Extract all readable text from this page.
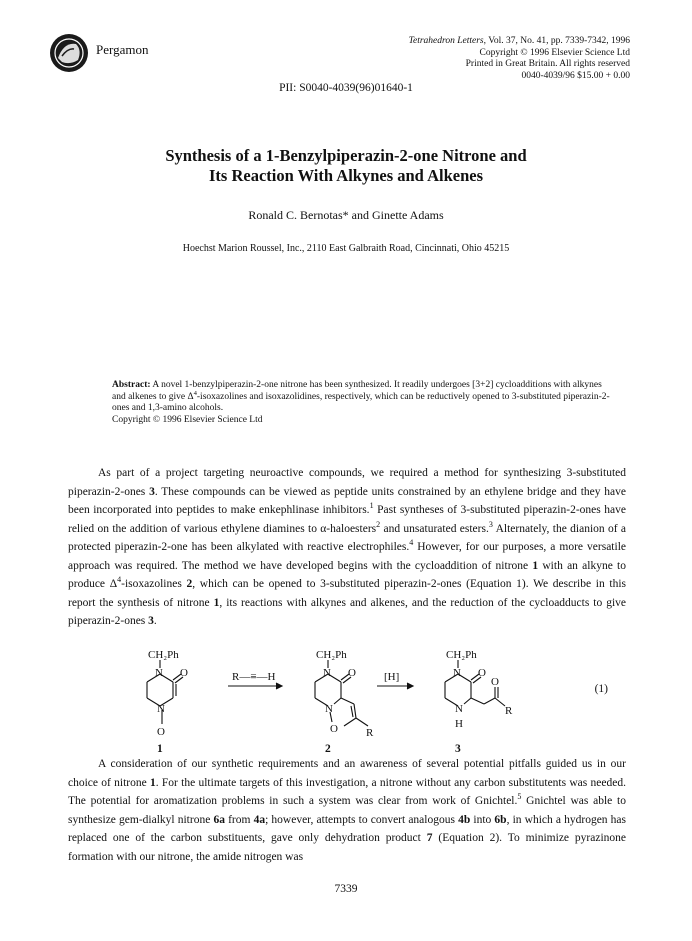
Pergamon
Tetrahedron Letters, Vol. 37, No. 41, pp. 7339-7342, 1996
Copyright © 1996 Elsevier Science Ltd
Printed in Great Britain. All rights reserved
0040-4039/96 $15.00 + 0.00
PII: S0040-4039(96)01640-1
Synthesis of a 1-Benzylpiperazin-2-one Nitrone and
Its Reaction With Alkynes and Alkenes
Ronald C. Bernotas* and Ginette Adams
Hoechst Marion Roussel, Inc., 2110 East Galbraith Road, Cincinnati, Ohio 45215
Abstract: A novel 1-benzylpiperazin-2-one nitrone has been synthesized. It readily undergoes [3+2] cycloadditions with alkynes and alkenes to give $\Delta^4$-isoxazolines and isoxazolidines, respectively, which can be reductively opened to 3-substituted piperazin-2-ones and 1,3-amino alcohols.
Copyright © 1996 Elsevier Science Ltd

As part of a project targeting neuroactive compounds, we required a method for synthesizing 3-substituted piperazin-2-ones 3. These compounds can be viewed as peptide units constrained by an ethylene bridge and they have been incorporated into peptides to make enkephlinase inhibitors.$^1$ Past syntheses of 3-substituted piperazin-2-ones have relied on the addition of various ethylene diamines to α-haloesters$^2$ and unsaturated esters.$^3$ Alternately, the dianion of a protected piperazin-2-one has been alkylated with reactive electrophiles.$^4$ However, for our purposes, a more versatile approach was required. The method we have developed begins with the cycloaddition of nitrone 1 with an alkyne to produce $\Delta^4$-isoxazolines 2, which can be opened to 3-substituted piperazin-2-ones (Equation 1). We describe in this report the synthesis of nitrone 1, its reactions with alkynes and alkenes, and the reduction of the cycloadducts to give piperazin-2-ones 3.

CH₂Ph
N O
N
O
R—≡—H
CH₂Ph
N O
N
O	R
[H]
CH₂Ph
N O
N
H
O
R
1	2	3
(1)

A consideration of our synthetic requirements and an awareness of several potential pitfalls guided us in our choice of nitrone 1. For the ultimate targets of this investigation, a nitrone without any carbon substitutents was needed. The potential for aromatization problems in such a system was clear from work of Gnichtel.$^5$ Gnichtel was able to synthesize gem-dialkyl nitrone 6a from 4a; however, attempts to convert analogous 4b into 6b, in which a hydrogen has replaced one of the carbon substituents, gave only dehydration product 7 (Equation 2). To minimize pyrazinone formation with our nitrone, the amide nitrogen was

7339
